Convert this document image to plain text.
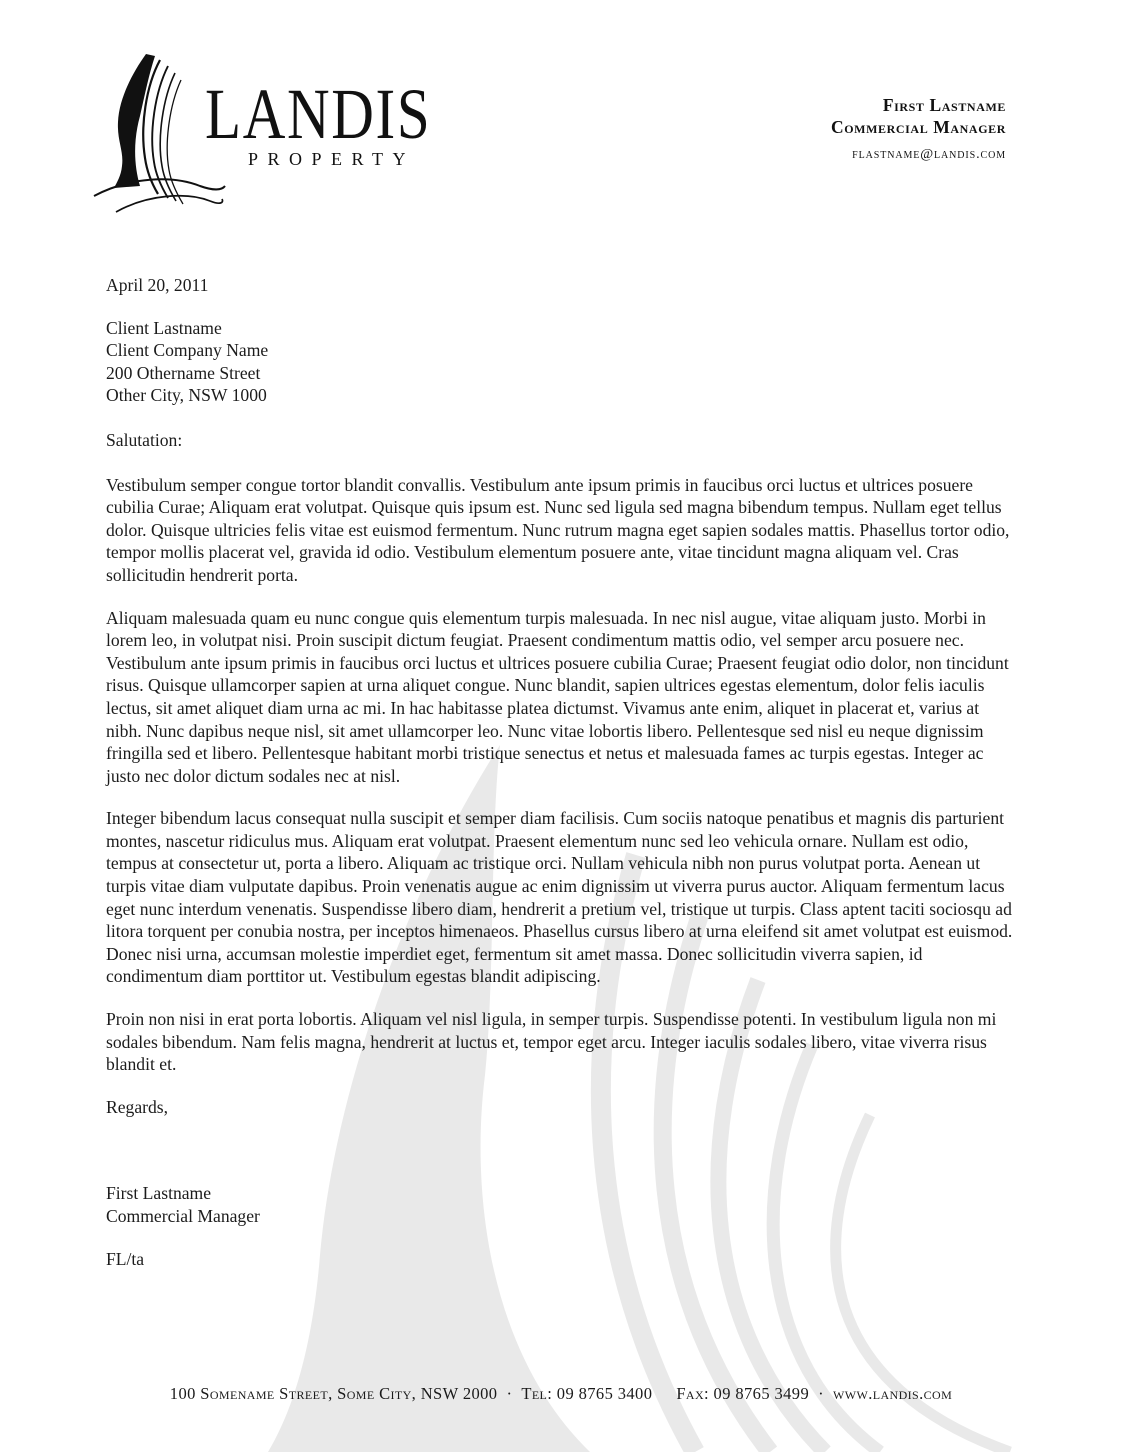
LANDIS
PROPERTY
First Lastname
Commercial Manager
flastname@landis.com
April 20, 2011
Client Lastname
Client Company Name
200 Othername Street
Other City, NSW 1000
Salutation:

Vestibulum semper congue tortor blandit convallis. Vestibulum ante ipsum primis in faucibus orci luctus et ultrices posuere cubilia Curae; Aliquam erat volutpat. Quisque quis ipsum est. Nunc sed ligula sed magna bibendum tempus. Nullam eget tellus dolor. Quisque ultricies felis vitae est euismod fermentum. Nunc rutrum magna eget sapien sodales mattis. Phasellus tortor odio, tempor mollis placerat vel, gravida id odio. Vestibulum elementum posuere ante, vitae tincidunt magna aliquam vel. Cras sollicitudin hendrerit porta.

Aliquam malesuada quam eu nunc congue quis elementum turpis malesuada. In nec nisl augue, vitae aliquam justo. Morbi in lorem leo, in volutpat nisi. Proin suscipit dictum feugiat. Praesent condimentum mattis odio, vel semper arcu posuere nec. Vestibulum ante ipsum primis in faucibus orci luctus et ultrices posuere cubilia Curae; Praesent feugiat odio dolor, non tincidunt risus. Quisque ullamcorper sapien at urna aliquet congue. Nunc blandit, sapien ultrices egestas elementum, dolor felis iaculis lectus, sit amet aliquet diam urna ac mi. In hac habitasse platea dictumst. Vivamus ante enim, aliquet in placerat et, varius at nibh. Nunc dapibus neque nisl, sit amet ullamcorper leo. Nunc vitae lobortis libero. Pellentesque sed nisl eu neque dignissim fringilla sed et libero. Pellentesque habitant morbi tristique senectus et netus et malesuada fames ac turpis egestas. Integer ac justo nec dolor dictum sodales nec at nisl.

Integer bibendum lacus consequat nulla suscipit et semper diam facilisis. Cum sociis natoque penatibus et magnis dis parturient montes, nascetur ridiculus mus. Aliquam erat volutpat. Praesent elementum nunc sed leo vehicula ornare. Nullam est odio, tempus at consectetur ut, porta a libero. Aliquam ac tristique orci. Nullam vehicula nibh non purus volutpat porta. Aenean ut turpis vitae diam vulputate dapibus. Proin venenatis augue ac enim dignissim ut viverra purus auctor. Aliquam fermentum lacus eget nunc interdum venenatis. Suspendisse libero diam, hendrerit a pretium vel, tristique ut turpis. Class aptent taciti sociosqu ad litora torquent per conubia nostra, per inceptos himenaeos. Phasellus cursus libero at urna eleifend sit amet volutpat est euismod. Donec nisi urna, accumsan molestie imperdiet eget, fermentum sit amet massa. Donec sollicitudin viverra sapien, id condimentum diam porttitor ut. Vestibulum egestas blandit adipiscing.

Proin non nisi in erat porta lobortis. Aliquam vel nisl ligula, in semper turpis. Suspendisse potenti. In vestibulum ligula non mi sodales bibendum. Nam felis magna, hendrerit at luctus et, tempor eget arcu. Integer iaculis sodales libero, vitae viverra risus blandit et.

Regards,
First Lastname
Commercial Manager
FL/ta
100 Somename Street, Some City, NSW 2000 · Tel: 09 8765 3400 Fax: 09 8765 3499 · www.landis.com
